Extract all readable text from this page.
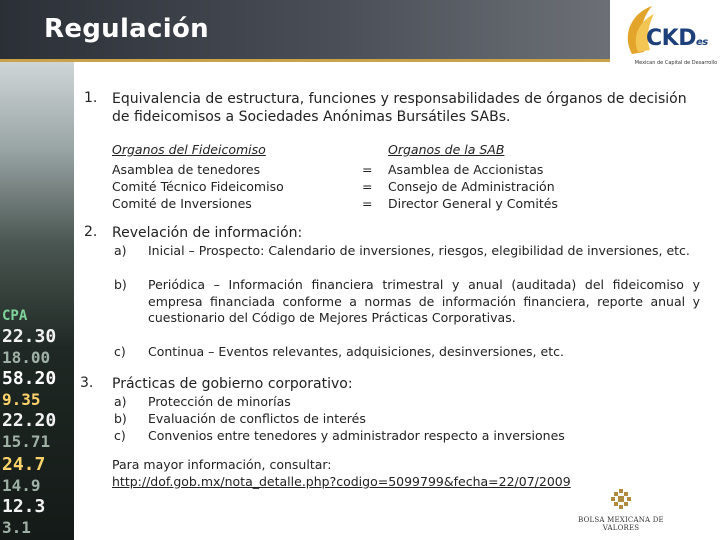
Regulación	CKDes
Mexican de Capital de Desarrollo
CPA
22.30
18.00
58.20
9.35
22.20
15.71
24.7
14.9
12.3
3.1
1. Equivalencia de estructura, funciones y responsabilidades de órganos de decisión de fideicomisos a Sociedades Anónimas Bursátiles SABs.
Organos del Fideicomiso	Organos de la SAB
Asamblea de tenedores	= Asamblea de Accionistas
Comité Técnico Fideicomiso	= Consejo de Administración
Comité de Inversiones	= Director General y Comités
2. Revelación de información:
a) Inicial – Prospecto: Calendario de inversiones, riesgos, elegibilidad de inversiones, etc.
b) Periódica – Información financiera trimestral y anual (auditada) del fideicomiso y empresa financiada conforme a normas de información financiera, reporte anual y cuestionario del Código de Mejores Prácticas Corporativas.
c) Continua – Eventos relevantes, adquisiciones, desinversiones, etc.
3. Prácticas de gobierno corporativo:
a) Protección de minorías
b) Evaluación de conflictos de interés
c) Convenios entre tenedores y administrador respecto a inversiones
Para mayor información, consultar:
http://dof.gob.mx/nota_detalle.php?codigo=5099799&fecha=22/07/2009
BOLSA MEXICANA DE VALORES
